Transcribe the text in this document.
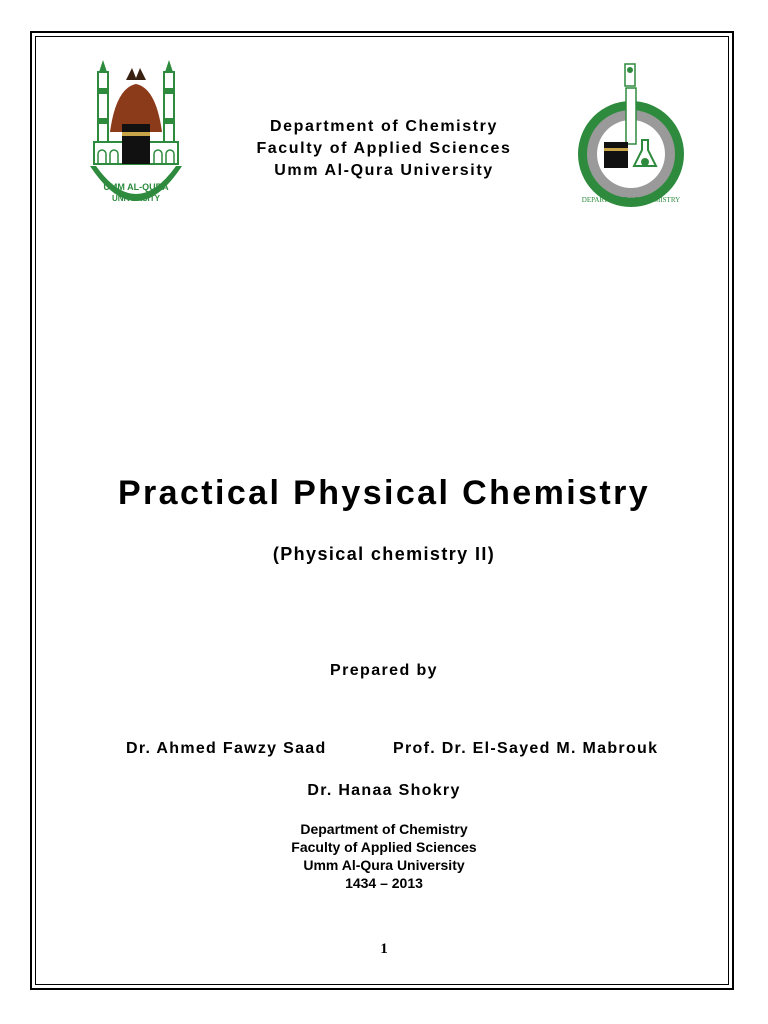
UMM AL-QURA
UNIVERSITY	DEPARTMENT OF CHEMISTRY
Department of Chemistry
Faculty of Applied Sciences
Umm Al-Qura University
Practical Physical Chemistry
(Physical chemistry II)
Prepared by
Dr. Ahmed Fawzy Saad	Prof. Dr. El-Sayed M. Mabrouk
Dr. Hanaa Shokry
Department of Chemistry
Faculty of Applied Sciences
Umm Al-Qura University
1434 – 2013
1
